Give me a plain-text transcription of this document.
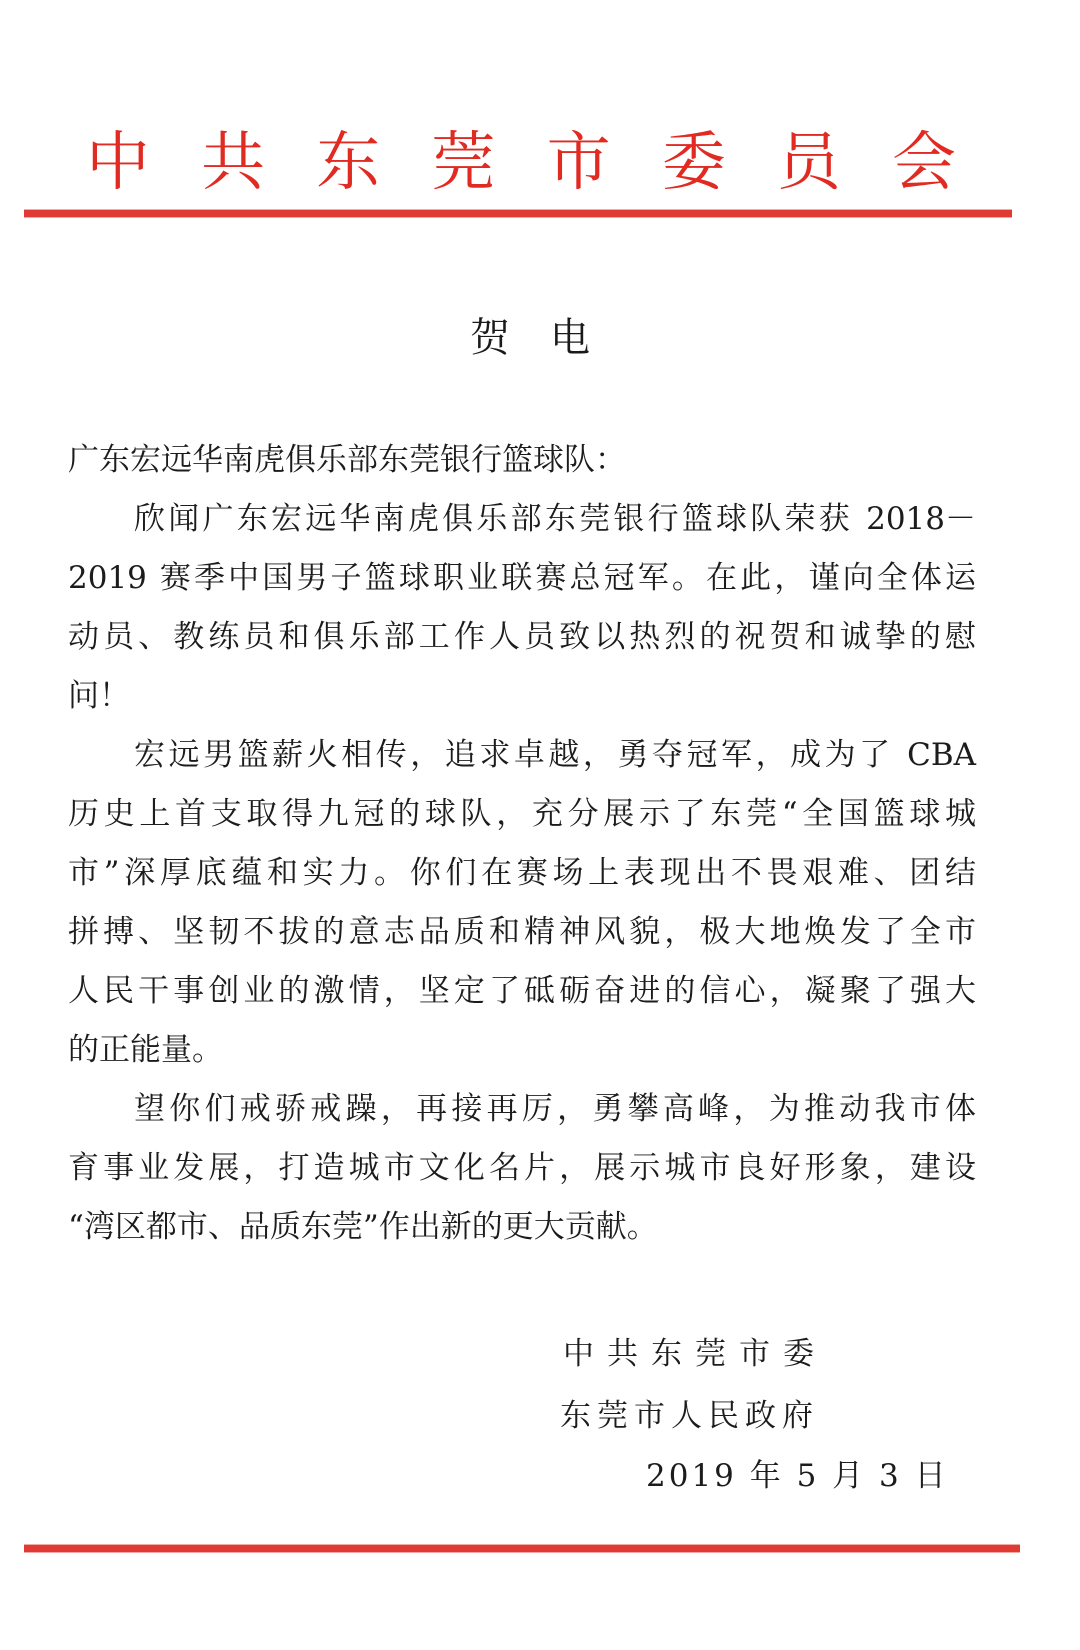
中 共 东 莞 市 委 员 会
贺电
广东宏远华南虎俱乐部东莞银行篮球队：
欣闻广东宏远华南虎俱乐部东莞银行篮球队荣获 2018－
2019 赛季中国男子篮球职业联赛总冠军。在此，谨向全体运
动员、教练员和俱乐部工作人员致以热烈的祝贺和诚挚的慰
问！
宏远男篮薪火相传，追求卓越，勇夺冠军，成为了 CBA
历史上首支取得九冠的球队，充分展示了东莞“全国篮球城
市”深厚底蕴和实力。你们在赛场上表现出不畏艰难、团结
拼搏、坚韧不拔的意志品质和精神风貌，极大地焕发了全市
人民干事创业的激情，坚定了砥砺奋进的信心，凝聚了强大
的正能量。
望你们戒骄戒躁，再接再厉，勇攀高峰，为推动我市体
育事业发展，打造城市文化名片，展示城市良好形象，建设
“湾区都市、品质东莞”作出新的更大贡献。
中共东莞市委
东莞市人民政府
2019 年 5 月 3 日
